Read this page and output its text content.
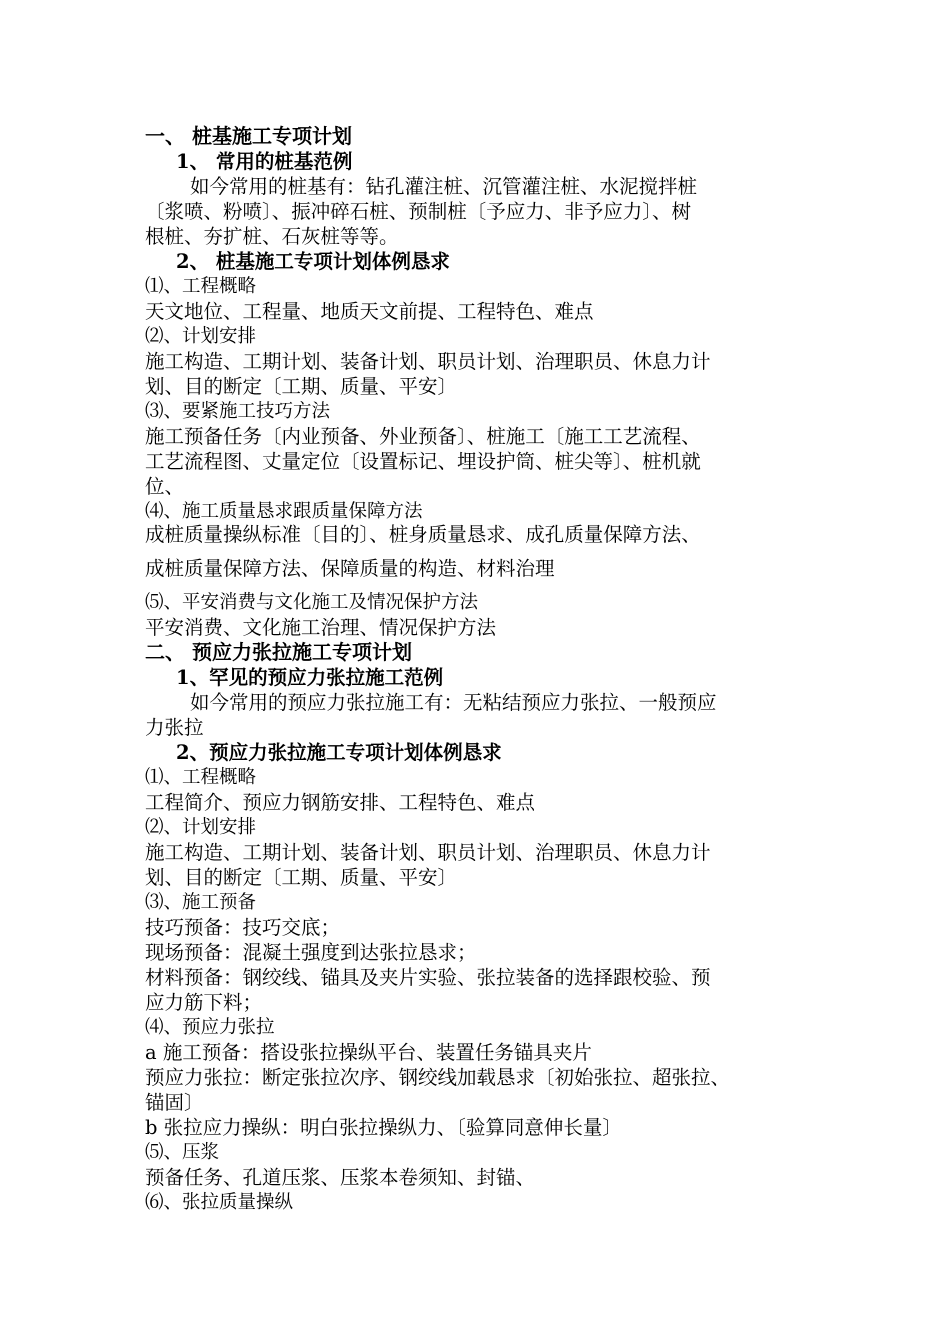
一、 桩基施工专项计划
1、 常用的桩基范例
如今常用的桩基有：钻孔灌注桩、沉管灌注桩、水泥搅拌桩
〔浆喷、粉喷〕、振冲碎石桩、预制桩〔予应力、非予应力〕、树
根桩、夯扩桩、石灰桩等等。
2、 桩基施工专项计划体例恳求
⑴、工程概略
天文地位、工程量、地质天文前提、工程特色、难点
⑵、计划安排
施工构造、工期计划、装备计划、职员计划、治理职员、休息力计
划、目的断定〔工期、质量、平安〕
⑶、要紧施工技巧方法
施工预备任务〔内业预备、外业预备〕、桩施工〔施工工艺流程、
工艺流程图、丈量定位〔设置标记、埋设护筒、桩尖等〕、桩机就
位、
⑷、施工质量恳求跟质量保障方法
成桩质量操纵标准〔目的〕、桩身质量恳求、成孔质量保障方法、
成桩质量保障方法、保障质量的构造、材料治理
⑸、平安消费与文化施工及情况保护方法
平安消费、文化施工治理、情况保护方法
二、 预应力张拉施工专项计划
1、罕见的预应力张拉施工范例
如今常用的预应力张拉施工有：无粘结预应力张拉、一般预应
力张拉
2、预应力张拉施工专项计划体例恳求
⑴、工程概略
工程简介、预应力钢筋安排、工程特色、难点
⑵、计划安排
施工构造、工期计划、装备计划、职员计划、治理职员、休息力计
划、目的断定〔工期、质量、平安〕
⑶、施工预备
技巧预备：技巧交底；
现场预备：混凝土强度到达张拉恳求；
材料预备：钢绞线、锚具及夹片实验、张拉装备的选择跟校验、预
应力筋下料；
⑷、预应力张拉
a 施工预备：搭设张拉操纵平台、装置任务锚具夹片
预应力张拉：断定张拉次序、钢绞线加载恳求〔初始张拉、超张拉、
锚固〕
b 张拉应力操纵：明白张拉操纵力、〔验算同意伸长量〕
⑸、压浆
预备任务、孔道压浆、压浆本卷须知、封锚、
⑹、张拉质量操纵
